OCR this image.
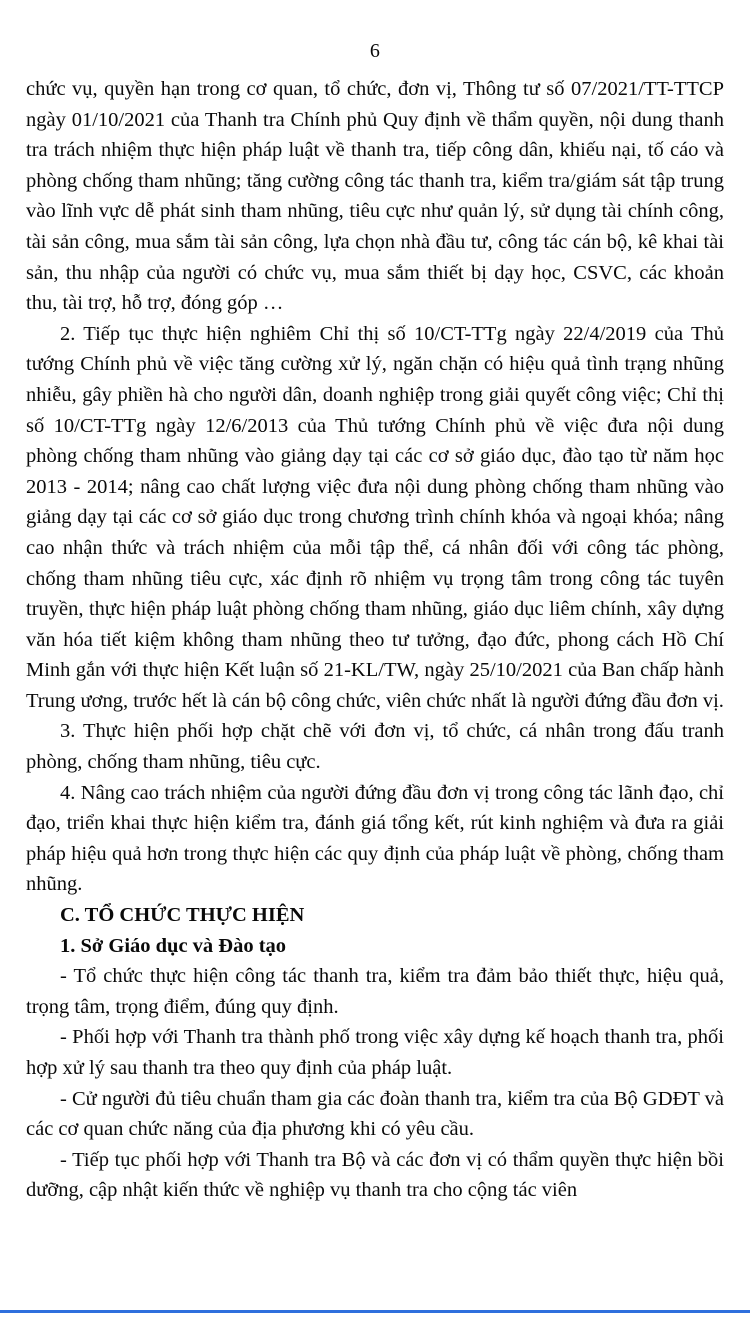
6

chức vụ, quyền hạn trong cơ quan, tổ chức, đơn vị, Thông tư số 07/2021/TT-TTCP ngày 01/10/2021 của Thanh tra Chính phủ Quy định về thẩm quyền, nội dung thanh tra trách nhiệm thực hiện pháp luật về thanh tra, tiếp công dân, khiếu nại, tố cáo và phòng chống tham nhũng; tăng cường công tác thanh tra, kiểm tra/giám sát tập trung vào lĩnh vực dễ phát sinh tham nhũng, tiêu cực như quản lý, sử dụng tài chính công, tài sản công, mua sắm tài sản công, lựa chọn nhà đầu tư, công tác cán bộ, kê khai tài sản, thu nhập của người có chức vụ, mua sắm thiết bị dạy học, CSVC, các khoản thu, tài trợ, hỗ trợ, đóng góp …

2. Tiếp tục thực hiện nghiêm Chỉ thị số 10/CT-TTg ngày 22/4/2019 của Thủ tướng Chính phủ về việc tăng cường xử lý, ngăn chặn có hiệu quả tình trạng nhũng nhiễu, gây phiền hà cho người dân, doanh nghiệp trong giải quyết công việc; Chỉ thị số 10/CT-TTg ngày 12/6/2013 của Thủ tướng Chính phủ về việc đưa nội dung phòng chống tham nhũng vào giảng dạy tại các cơ sở giáo dục, đào tạo từ năm học 2013 - 2014; nâng cao chất lượng việc đưa nội dung phòng chống tham nhũng vào giảng dạy tại các cơ sở giáo dục trong chương trình chính khóa và ngoại khóa; nâng cao nhận thức và trách nhiệm của mỗi tập thể, cá nhân đối với công tác phòng, chống tham nhũng tiêu cực, xác định rõ nhiệm vụ trọng tâm trong công tác tuyên truyền, thực hiện pháp luật phòng chống tham nhũng, giáo dục liêm chính, xây dựng văn hóa tiết kiệm không tham nhũng theo tư tưởng, đạo đức, phong cách Hồ Chí Minh gắn với thực hiện Kết luận số 21-KL/TW, ngày 25/10/2021 của Ban chấp hành Trung ương, trước hết là cán bộ công chức, viên chức nhất là người đứng đầu đơn vị.

3. Thực hiện phối hợp chặt chẽ với đơn vị, tổ chức, cá nhân trong đấu tranh phòng, chống tham nhũng, tiêu cực.

4. Nâng cao trách nhiệm của người đứng đầu đơn vị trong công tác lãnh đạo, chỉ đạo, triển khai thực hiện kiểm tra, đánh giá tổng kết, rút kinh nghiệm và đưa ra giải pháp hiệu quả hơn trong thực hiện các quy định của pháp luật về phòng, chống tham nhũng.

C. TỔ CHỨC THỰC HIỆN

1. Sở Giáo dục và Đào tạo

- Tổ chức thực hiện công tác thanh tra, kiểm tra đảm bảo thiết thực, hiệu quả, trọng tâm, trọng điểm, đúng quy định.

- Phối hợp với Thanh tra thành phố trong việc xây dựng kế hoạch thanh tra, phối hợp xử lý sau thanh tra theo quy định của pháp luật.

- Cử người đủ tiêu chuẩn tham gia các đoàn thanh tra, kiểm tra của Bộ GDĐT và các cơ quan chức năng của địa phương khi có yêu cầu.

- Tiếp tục phối hợp với Thanh tra Bộ và các đơn vị có thẩm quyền thực hiện bồi dưỡng, cập nhật kiến thức về nghiệp vụ thanh tra cho cộng tác viên
